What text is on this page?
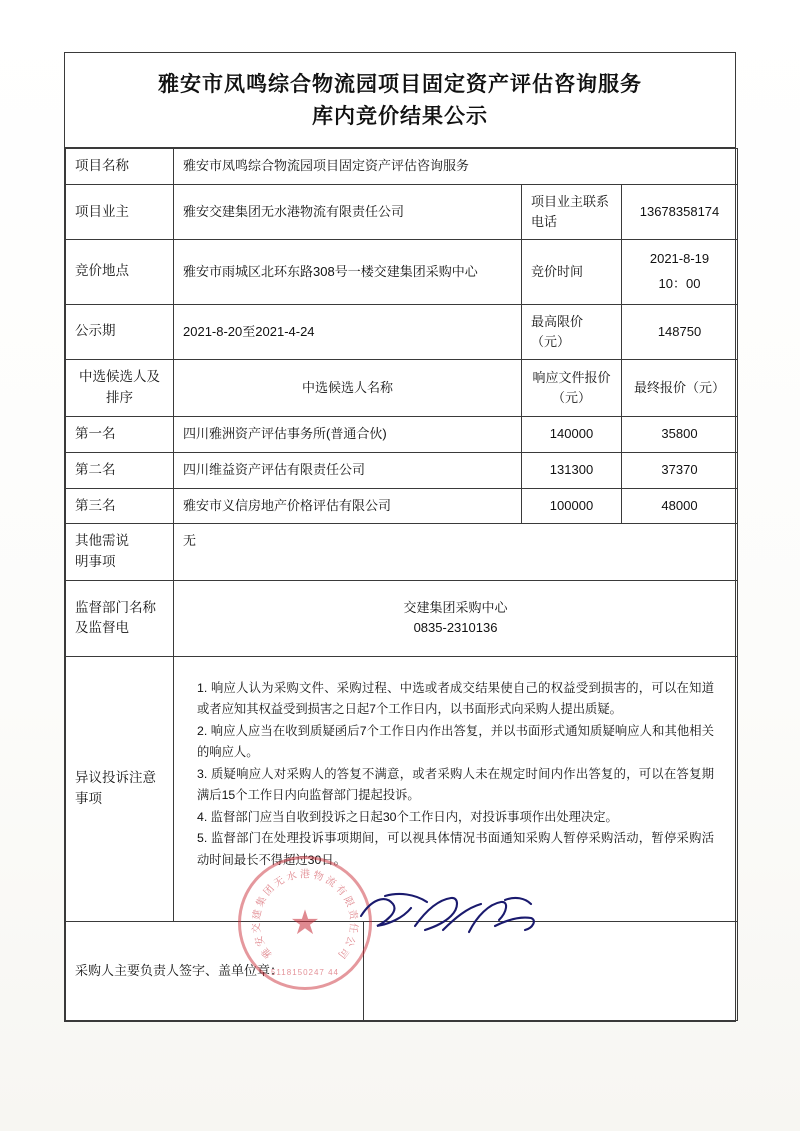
雅安市凤鸣综合物流园项目固定资产评估咨询服务
库内竞价结果公示
项目名称	雅安市凤鸣综合物流园项目固定资产评估咨询服务			
项目业主	雅安交建集团无水港物流有限责任公司		项目业主联系电话	13678358174
竞价地点	雅安市雨城区北环东路308号一楼交建集团采购中心		竞价时间	2021-8-19
10：00

公示期	2021-8-20至2021-4-24		最高限价（元）	148750
中选候选人及排序	中选候选人名称		响应文件报价（元）	最终报价（元）
第一名	四川雅洲资产评估事务所(普通合伙)		140000	35800
第二名	四川维益资产评估有限责任公司		131300	37370
第三名	雅安市义信房地产价格评估有限公司		100000	48000

其他需说
明事项	无			
监督部门名称及监督电	交建集团采购中心
0835-2310136			

异议投诉注意事项	1. 响应人认为采购文件、采购过程、中选或者成交结果使自己的权益受到损害的，可以在知道或者应知其权益受到损害之日起7个工作日内，以书面形式向采购人提出质疑。

2. 响应人应当在收到质疑函后7个工作日内作出答复，并以书面形式通知质疑响应人和其他相关的响应人。

3. 质疑响应人对采购人的答复不满意，或者采购人未在规定时间内作出答复的，可以在答复期满后15个工作日内向监督部门提起投诉。

4. 监督部门应当自收到投诉之日起30个工作日内，对投诉事项作出处理决定。

5. 监督部门在处理投诉事项期间，可以视具体情况书面通知采购人暂停采购活动，暂停采购活动时间最长不得超过30日。			

采购人主要负责人签字、盖单位章：				
雅
安
交
建
集
团
无
水 港 物
流
有
限
责
任
公
司
★
5118150247 44
